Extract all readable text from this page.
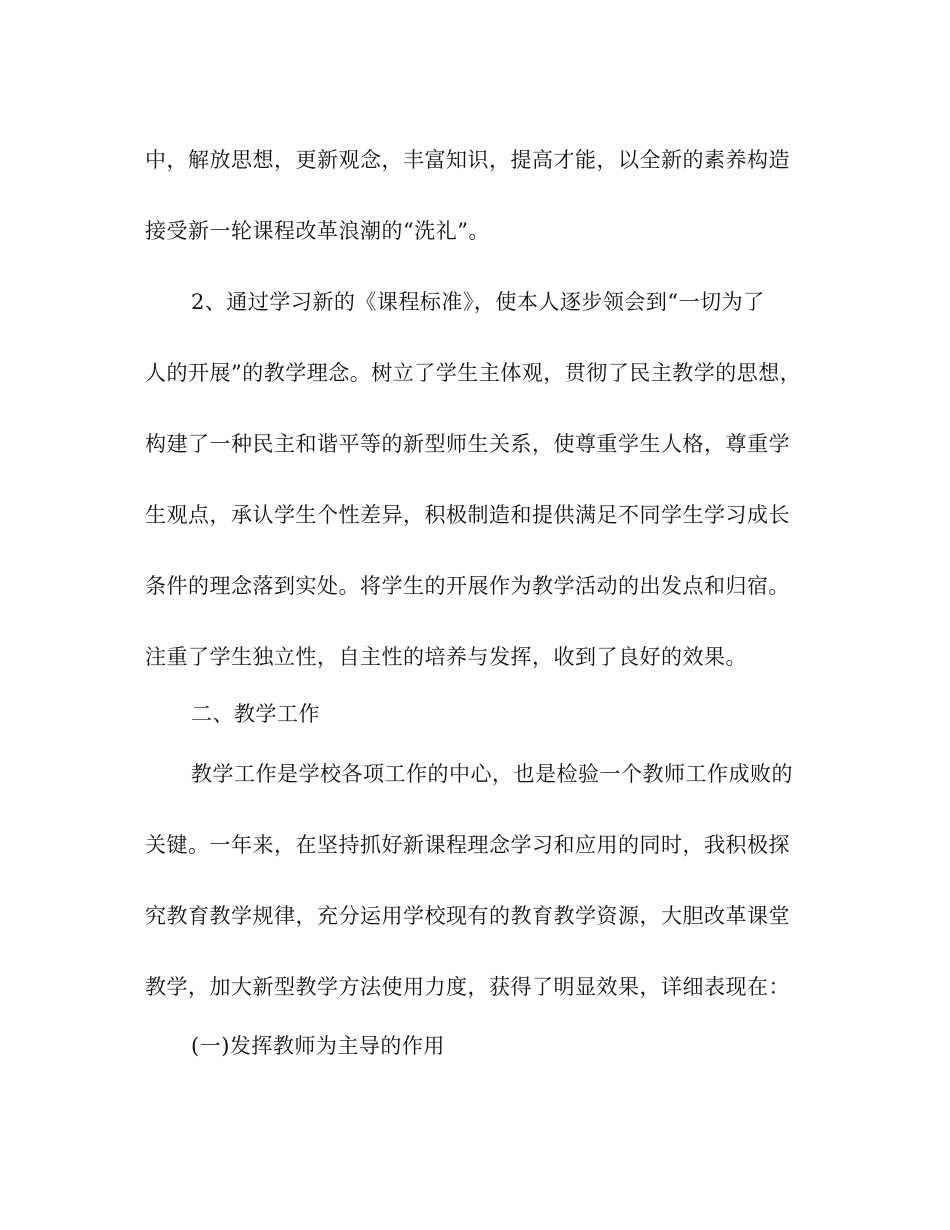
中，解放思想，更新观念，丰富知识，提高才能，以全新的素养构造
接受新一轮课程改革浪潮的“洗礼”。
2、通过学习新的《课程标准》，使本人逐步领会到“一切为了
人的开展”的教学理念。树立了学生主体观，贯彻了民主教学的思想，
构建了一种民主和谐平等的新型师生关系，使尊重学生人格，尊重学
生观点，承认学生个性差异，积极制造和提供满足不同学生学习成长
条件的理念落到实处。将学生的开展作为教学活动的出发点和归宿。
注重了学生独立性，自主性的培养与发挥，收到了良好的效果。
二、教学工作
教学工作是学校各项工作的中心，也是检验一个教师工作成败的
关键。一年来，在坚持抓好新课程理念学习和应用的同时，我积极探
究教育教学规律，充分运用学校现有的教育教学资源，大胆改革课堂
教学，加大新型教学方法使用力度，获得了明显效果，详细表现在：
(一)发挥教师为主导的作用
